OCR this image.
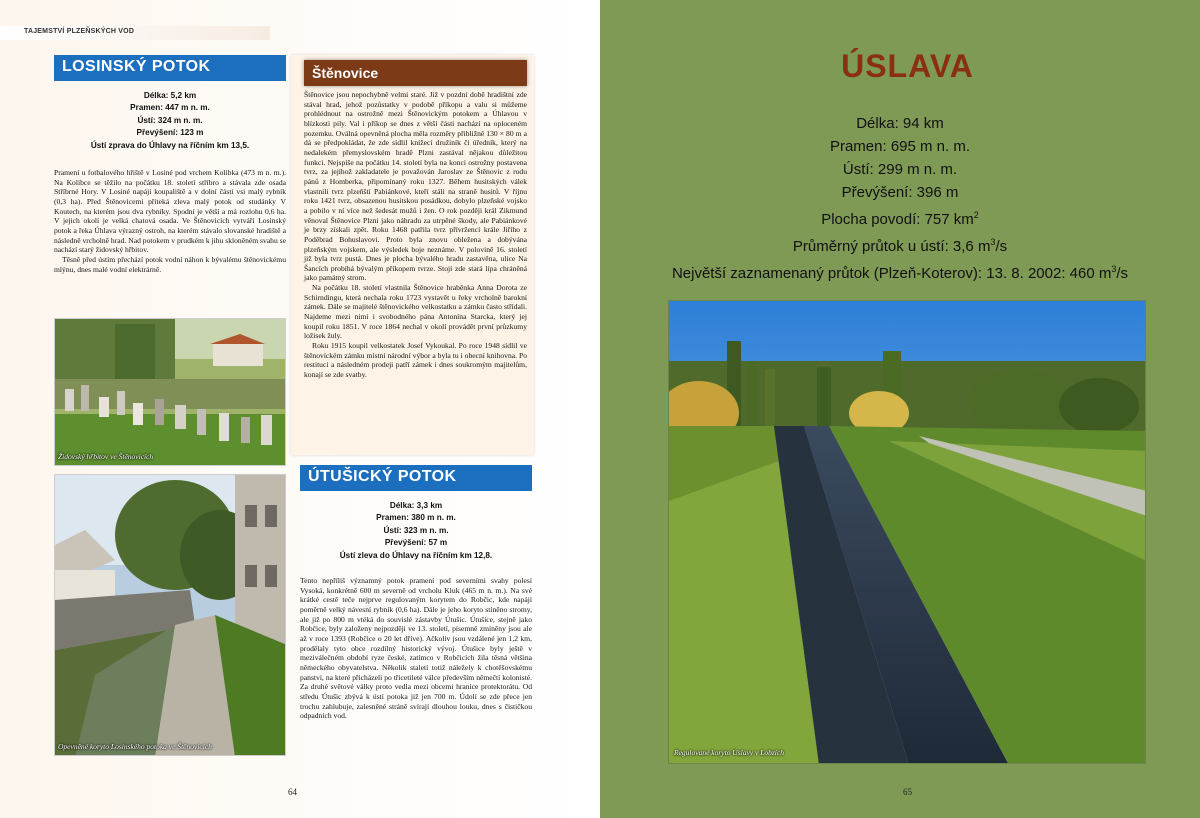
TAJEMSTVÍ PLZEŇSKÝCH VOD
LOSINSKÝ POTOK
Délka: 5,2 km
Pramen: 447 m n. m.
Ústí: 324 m n. m.
Převýšení: 123 m
Ústí zprava do Úhlavy na říčním km 13,5.

Pramení u fotbalového hřiště v Losiné pod vrchem Kolibka (473 m n. m.). Na Kolibce se těžilo na počátku 18. století stříbro a stávala zde osada Stříbrné Hory. V Losiné napájí koupaliště a v dolní části vsi malý rybník (0,3 ha). Před Štěnovicemi přiteká zleva malý potok od studánky V Koutech, na kterém jsou dva rybníky. Spodní je větší a má rozlohu 0,6 ha. V jejich okolí je velká chatová osada. Ve Štěnovicích vytváří Losinský potok a řeka Úhlava výrazný ostroh, na kterém stávalo slovanské hradiště a následně vrcholně hrad. Nad potokem v prudkém k jihu skloněném svahu se nachází starý židovský hřbitov.

Těsně před ústím přechází potok vodní náhon k bývalému štěnovickému mlýnu, dnes malé vodní elektrárně.

Židovský hřbitov ve Štěnovicích
Opevněné koryto Losinského potoka ve Štěnovicích
Štěnovice

Štěnovice jsou nepochybně velmi staré. Již v pozdní době hradištní zde stával hrad, jehož pozůstatky v podobě příkopu a valu si můžeme prohlédnout na ostrožně mezi Štěnovickým potokem a Úhlavou v blízkosti pily. Val i příkop se dnes z větší části nachází na oploceném pozemku. Oválná opevněná plocha měla rozměry přibližně 130 × 80 m a dá se předpokládat, že zde sídlil knížecí družiník či úředník, který na nedalekém přemyslovském hradě Plzni zastával nějakou důležitou funkci. Nejspíše na počátku 14. století byla na konci ostrožny postavena tvrz, za jejíhož zakladatele je považován Jaroslav ze Štěnovic z rodu pánů z Homberka, připomínaný roku 1327. Během husitských válek vlastnili tvrz plzeňští Pabiánkové, kteří stáli na straně husitů. V říjnu roku 1421 tvrz, obsazenou husitskou posádkou, dobylo plzeňské vojsko a pobilo v ní více než šedesát mužů i žen. O rok později král Zikmund věnoval Štěnovice Plzni jako náhradu za utrpěné škody, ale Pabiánkové je brzy získali zpět. Roku 1468 patřila tvrz přívržencí krále Jiřího z Poděbrad Bohuslavovi. Proto byla znovu obležena a dobývána plzeňským vojskem, ale výsledek boje neznáme. V polovině 16. století již byla tvrz pustá. Dnes je plocha bývalého hradu zastavěna, ulice Na Šancích probíhá bývalým příkopem tvrze. Stojí zde stará lípa chráněná jako památný strom.

Na počátku 18. století vlastnila Štěnovice hraběnka Anna Dorota ze Schirndingu, která nechala roku 1723 vystavět u řeky vrcholně barokní zámek. Dále se majitelé štěnovického velkostatku a zámku často střídali. Najdeme mezi nimi i svobodného pána Antonína Starcka, který jej koupil roku 1851. V roce 1864 nechal v okolí provádět první průzkumy ložisek žuly.

Roku 1915 koupil velkostatek Josef Vykoukal. Po roce 1948 sídlil ve štěnovickém zámku místní národní výbor a byla tu i obecní knihovna. Po restituci a následném prodeji patří zámek i dnes soukromým majitelům, konají se zde svatby.

ÚTUŠICKÝ POTOK
Délka: 3,3 km
Pramen: 380 m n. m.
Ústí: 323 m n. m.
Převýšení: 57 m
Ústí zleva do Úhlavy na říčním km 12,8.

Tento nepříliš významný potok pramení pod severními svahy polesí Vysoká, konkrétně 600 m severně od vrcholu Kluk (465 m n. m.). Na své krátké cestě teče nejprve regulovaným korytem do Robčic, kde napájí poměrně velký návesní rybník (0,6 ha). Dále je jeho koryto stíněno stromy, ale již po 800 m vtéká do souvislé zástavby Útušic. Útušice, stejně jako Robčice, byly založeny nejpozději ve 13. století, písemně zmíněny jsou ale až v roce 1393 (Robčice o 20 let dříve). Ačkoliv jsou vzdálené jen 1,2 km, prodělaly tyto obce rozdílný historický vývoj. Útušice byly ještě v meziválečném období ryze české, zatímco v Robčicích žila těsná většina německého obyvatelstva. Několik staletí totiž náležely k chotěšovskému panství, na které přicházeli po třicetileté válce především němečtí kolonisté. Za druhé světové války proto vedla mezi obcemi hranice protektorátu. Od středu Útušic zbývá k ústí potoka již jen 700 m. Údolí se zde přece jen trochu zahlubuje, zalesněné stráně svírají dlouhou louku, dnes s čističkou odpadních vod.

64
ÚSLAVA
Délka: 94 km
Pramen: 695 m n. m.
Ústí: 299 m n. m.
Převýšení: 396 m
Plocha povodí: 757 $km^2$
Průměrný průtok u ústí: 3,6 $m^3/s$
Největší zaznamenaný průtok (Plzeň-Koterov): 13. 8. 2002: 460 $m^3/s$
Regulované koryto Úslavy v Lobzích
65
